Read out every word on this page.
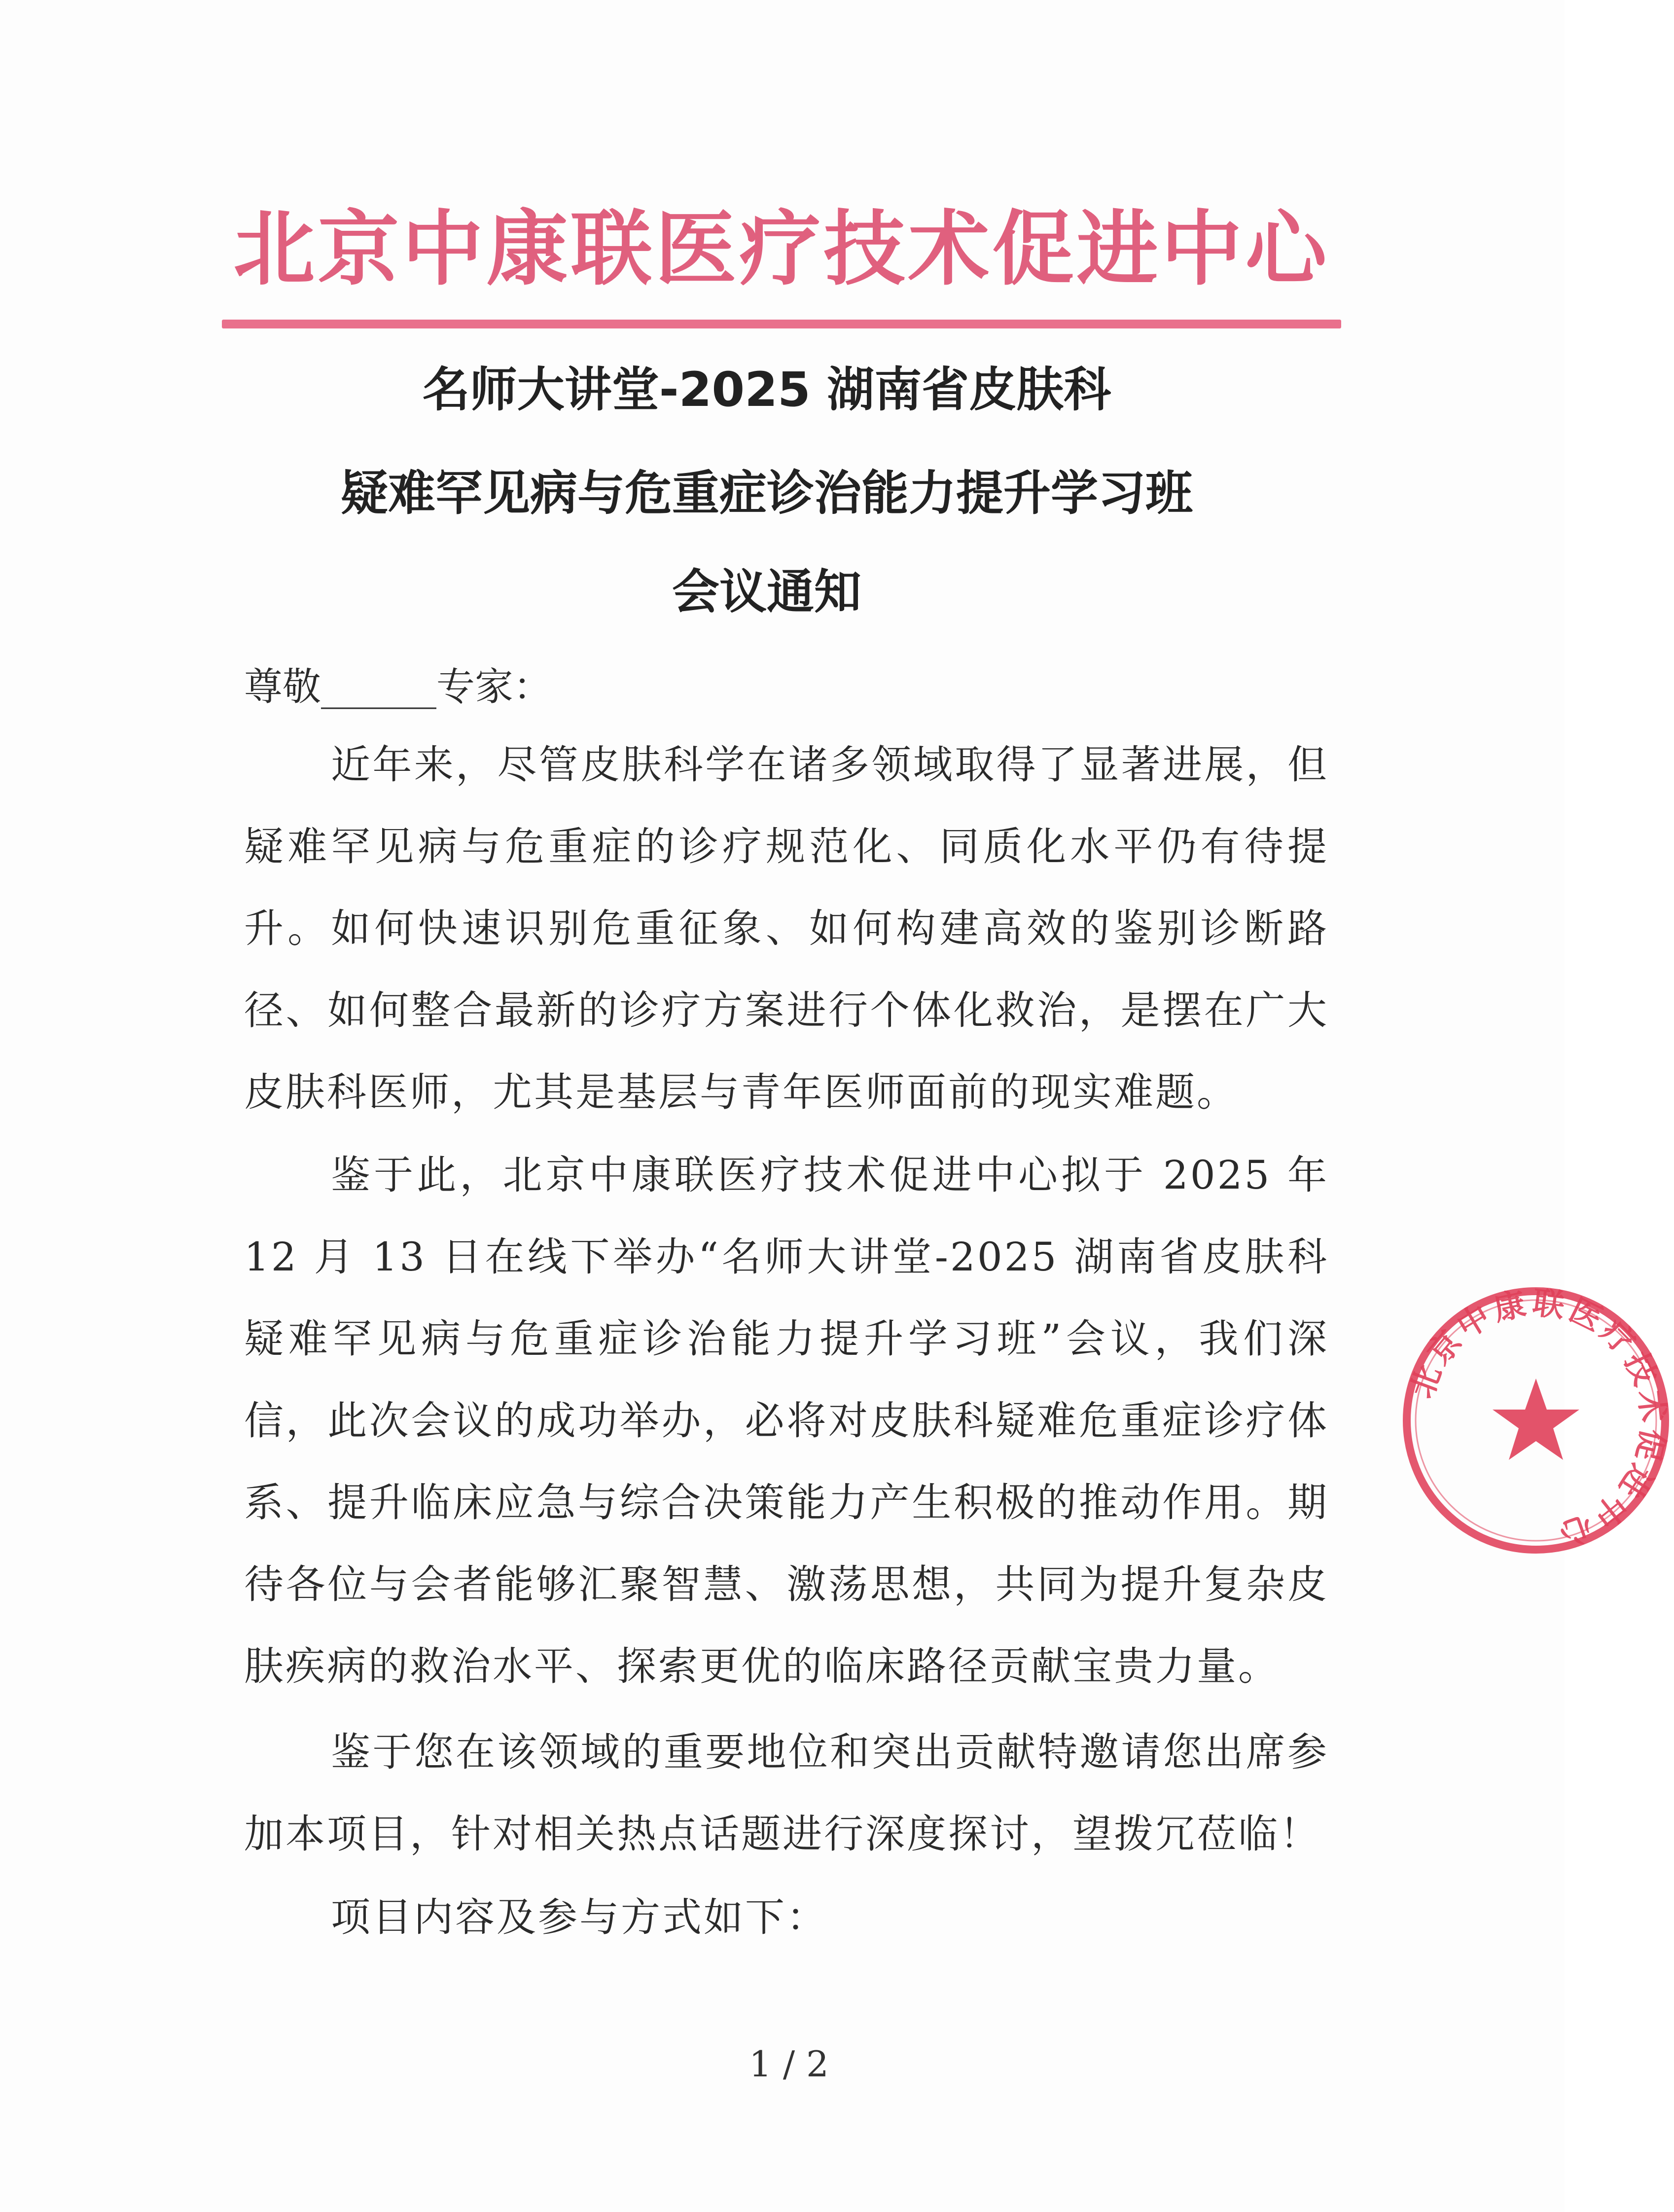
北京中康联医疗技术促进中心
名师大讲堂-2025 湖南省皮肤科
疑难罕见病与危重症诊治能力提升学习班
会议通知
尊敬______专家：
近年来，尽管皮肤科学在诸多领域取得了显著进展，但疑难罕见病与危重症的诊疗规范化、同质化水平仍有待提升。如何快速识别危重征象、如何构建高效的鉴别诊断路径、如何整合最新的诊疗方案进行个体化救治，是摆在广大皮肤科医师，尤其是基层与青年医师面前的现实难题。
鉴于此，北京中康联医疗技术促进中心拟于 2025 年 12 月 13 日在线下举办“名师大讲堂-2025 湖南省皮肤科疑难罕见病与危重症诊治能力提升学习班”会议，我们深信，此次会议的成功举办，必将对皮肤科疑难危重症诊疗体系、提升临床应急与综合决策能力产生积极的推动作用。期待各位与会者能够汇聚智慧、激荡思想，共同为提升复杂皮肤疾病的救治水平、探索更优的临床路径贡献宝贵力量。
鉴于您在该领域的重要地位和突出贡献特邀请您出席参加本项目，针对相关热点话题进行深度探讨，望拨冗莅临！
项目内容及参与方式如下：
1 / 2
北京中康联医疗技术促进中心
